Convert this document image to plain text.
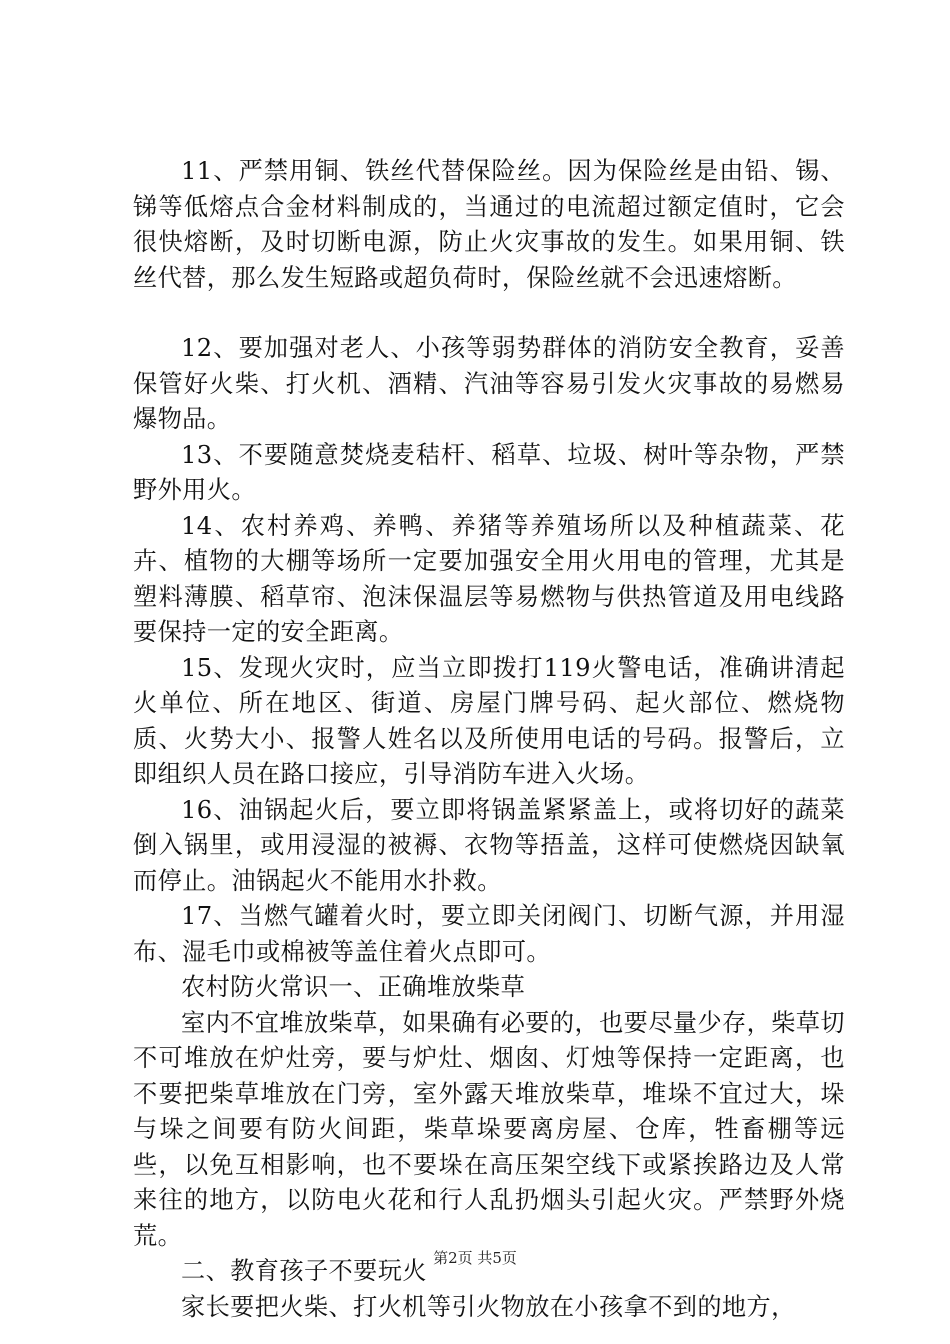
11、严禁用铜、铁丝代替保险丝。因为保险丝是由铅、锡、锑等低熔点合金材料制成的，当通过的电流超过额定值时，它会很快熔断，及时切断电源，防止火灾事故的发生。如果用铜、铁丝代替，那么发生短路或超负荷时，保险丝就不会迅速熔断。

12、要加强对老人、小孩等弱势群体的消防安全教育，妥善保管好火柴、打火机、酒精、汽油等容易引发火灾事故的易燃易爆物品。

13、不要随意焚烧麦秸杆、稻草、垃圾、树叶等杂物，严禁野外用火。

14、农村养鸡、养鸭、养猪等养殖场所以及种植蔬菜、花卉、植物的大棚等场所一定要加强安全用火用电的管理，尤其是塑料薄膜、稻草帘、泡沫保温层等易燃物与供热管道及用电线路要保持一定的安全距离。

15、发现火灾时，应当立即拨打119火警电话，准确讲清起火单位、所在地区、街道、房屋门牌号码、起火部位、燃烧物质、火势大小、报警人姓名以及所使用电话的号码。报警后，立即组织人员在路口接应，引导消防车进入火场。

16、油锅起火后，要立即将锅盖紧紧盖上，或将切好的蔬菜倒入锅里，或用浸湿的被褥、衣物等捂盖，这样可使燃烧因缺氧而停止。油锅起火不能用水扑救。

17、当燃气罐着火时，要立即关闭阀门、切断气源，并用湿布、湿毛巾或棉被等盖住着火点即可。

农村防火常识一、正确堆放柴草

室内不宜堆放柴草，如果确有必要的，也要尽量少存，柴草切不可堆放在炉灶旁，要与炉灶、烟囱、灯烛等保持一定距离，也不要把柴草堆放在门旁，室外露天堆放柴草，堆垛不宜过大，垛与垛之间要有防火间距，柴草垛要离房屋、仓库，牲畜棚等远些，以免互相影响，也不要垛在高压架空线下或紧挨路边及人常来往的地方，以防电火花和行人乱扔烟头引起火灾。严禁野外烧荒。

二、教育孩子不要玩火

家长要把火柴、打火机等引火物放在小孩拿不到的地方，

第2页 共5页
